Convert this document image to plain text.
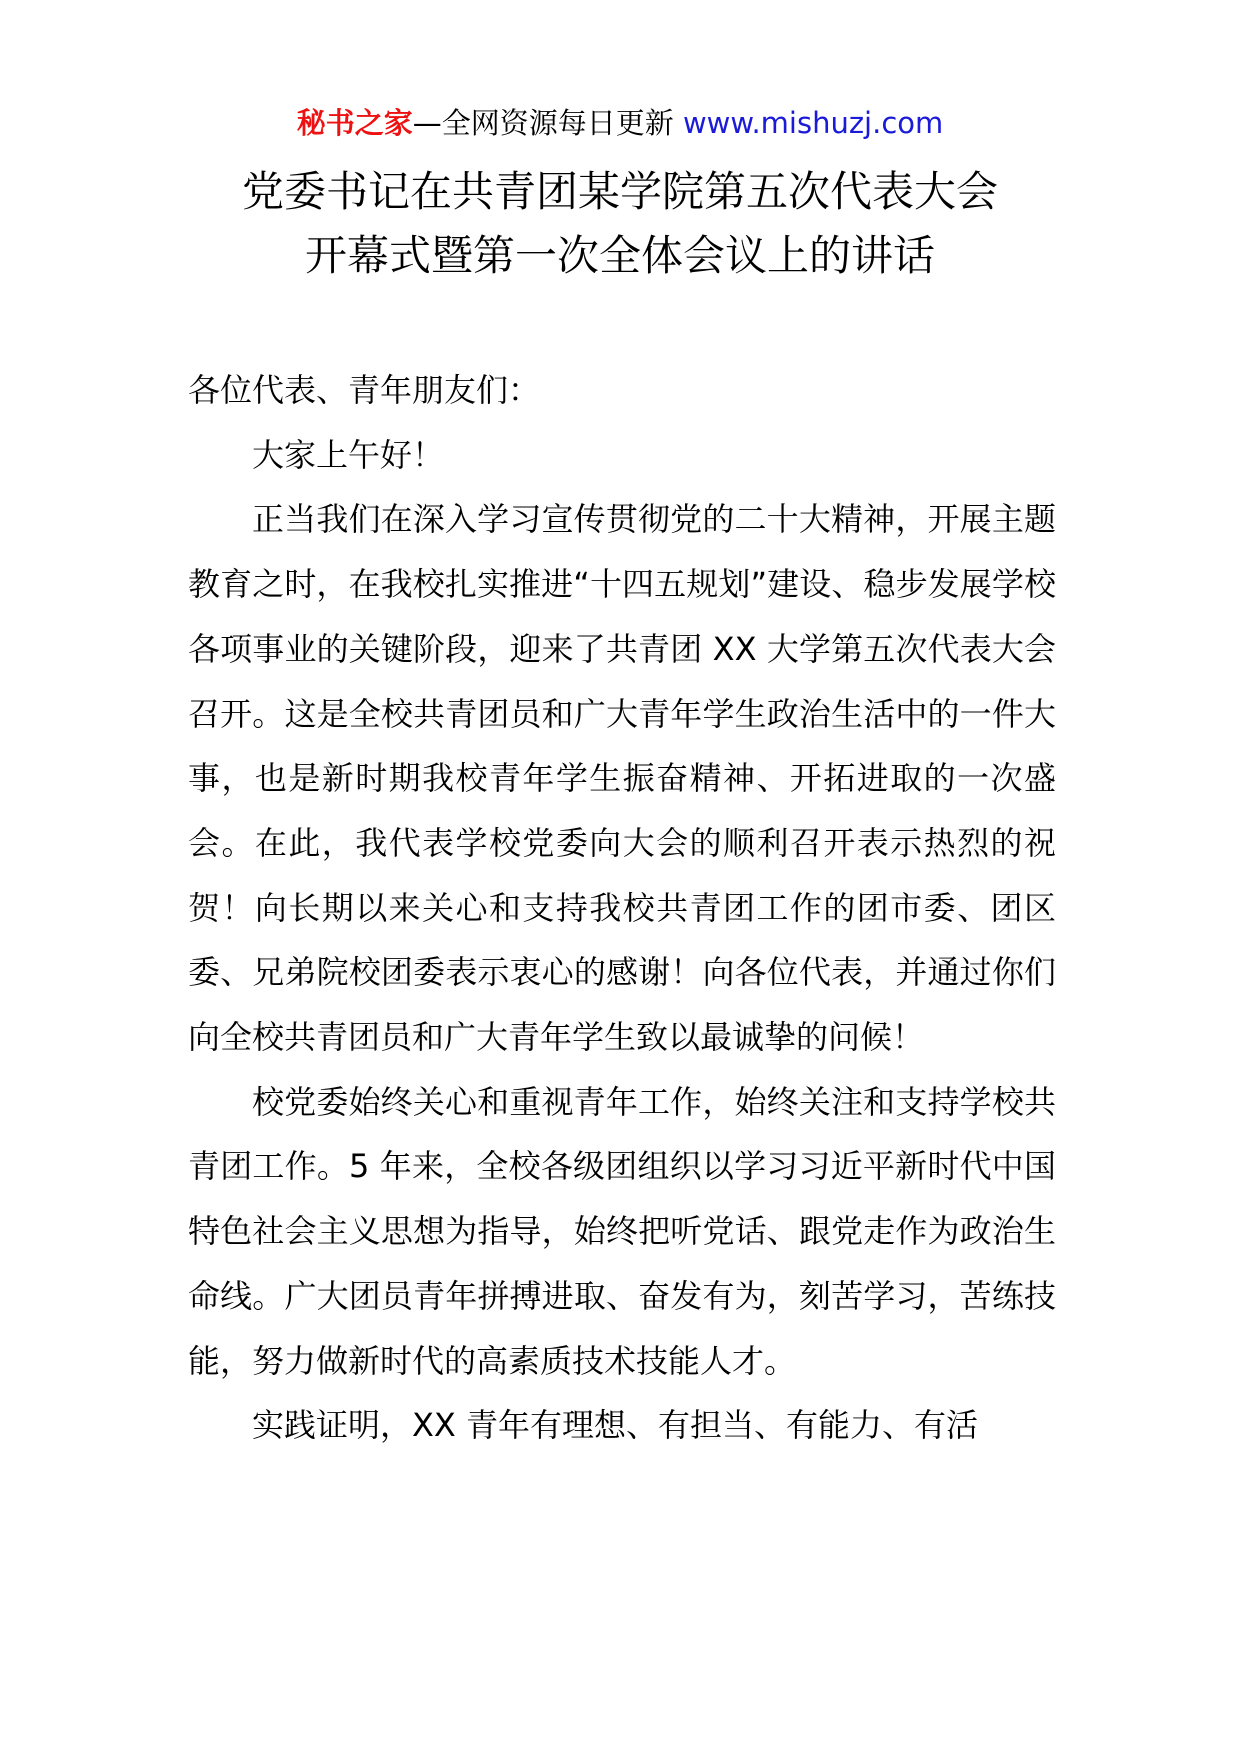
秘书之家—全网资源每日更新 www.mishuzj.com
党委书记在共青团某学院第五次代表大会
开幕式暨第一次全体会议上的讲话

各位代表、青年朋友们：

大家上午好！

正当我们在深入学习宣传贯彻党的二十大精神，开展主题教育之时，在我校扎实推进“十四五规划”建设、稳步发展学校各项事业的关键阶段，迎来了共青团 XX 大学第五次代表大会召开。这是全校共青团员和广大青年学生政治生活中的一件大事，也是新时期我校青年学生振奋精神、开拓进取的一次盛会。在此，我代表学校党委向大会的顺利召开表示热烈的祝贺！向长期以来关心和支持我校共青团工作的团市委、团区委、兄弟院校团委表示衷心的感谢！向各位代表，并通过你们向全校共青团员和广大青年学生致以最诚挚的问候！

校党委始终关心和重视青年工作，始终关注和支持学校共青团工作。5 年来，全校各级团组织以学习习近平新时代中国特色社会主义思想为指导，始终把听党话、跟党走作为政治生命线。广大团员青年拼搏进取、奋发有为，刻苦学习，苦练技能，努力做新时代的高素质技术技能人才。

实践证明，XX 青年有理想、有担当、有能力、有活
